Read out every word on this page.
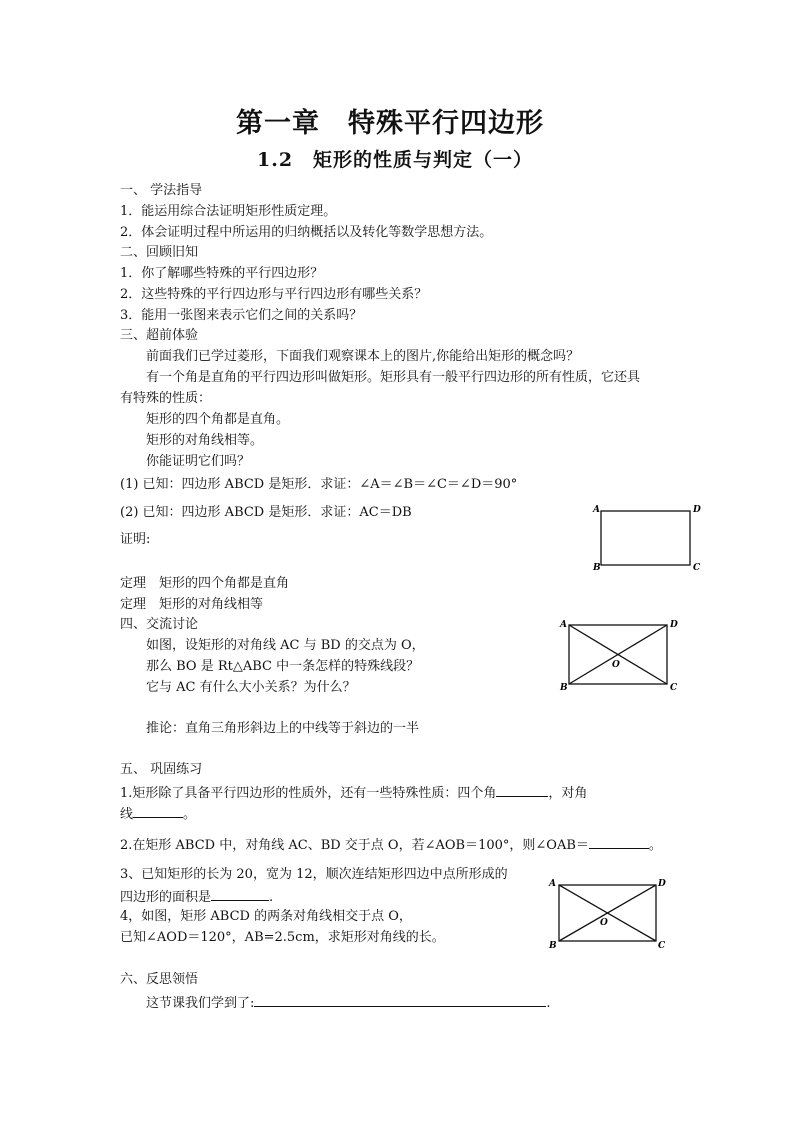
第一章　特殊平行四边形
1.2　矩形的性质与判定（一）
一、 学法指导
1．能运用综合法证明矩形性质定理。
2．体会证明过程中所运用的归纳概括以及转化等数学思想方法。
二、回顾旧知
1．你了解哪些特殊的平行四边形？
2．这些特殊的平行四边形与平行四边形有哪些关系？
3．能用一张图来表示它们之间的关系吗？
三、超前体验
前面我们已学过菱形，下面我们观察课本上的图片,你能给出矩形的概念吗？
有一个角是直角的平行四边形叫做矩形。矩形具有一般平行四边形的所有性质，它还具
有特殊的性质：
矩形的四个角都是直角。
矩形的对角线相等。
你能证明它们吗？
(1) 已知：四边形 ABCD 是矩形．求证：∠A＝∠B＝∠C＝∠D＝90°
(2) 已知：四边形 ABCD 是矩形．求证：AC＝DB
证明:
定理　矩形的四个角都是直角
定理　矩形的对角线相等
A	D
B	C
四、交流讨论
如图，设矩形的对角线 AC 与 BD 的交点为 O，
那么 BO 是 Rt△ABC 中一条怎样的特殊线段？
它与 AC 有什么大小关系？为什么？
推论：直角三角形斜边上的中线等于斜边的一半
A	D
B	C
O
五、 巩固练习
1.矩形除了具备平行四边形的性质外，还有一些特殊性质：四个角	，对角
线	。
2.在矩形 ABCD 中，对角线 AC、BD 交于点 O，若∠AOB＝100°，则∠OAB＝	。
3、已知矩形的长为 20，宽为 12，顺次连结矩形四边中点所形成的
四边形的面积是	.
4，如图，矩形 ABCD 的两条对角线相交于点 O，
已知∠AOD＝120°，AB=2.5cm，求矩形对角线的长。
A	D
B	C
O
六、反思领悟
这节课我们学到了:	.
